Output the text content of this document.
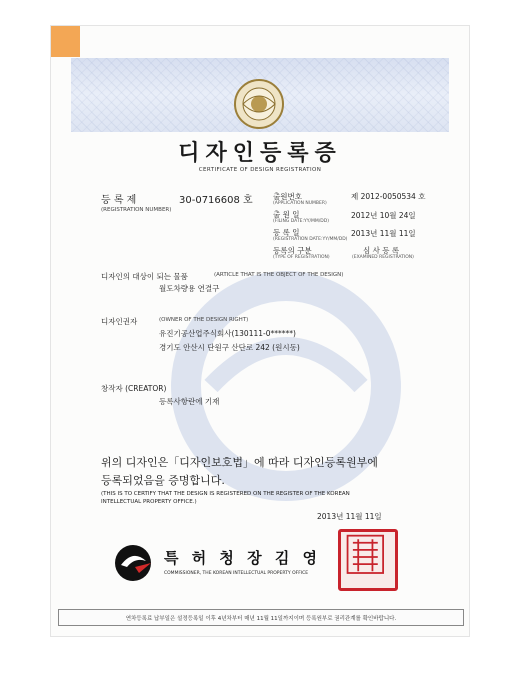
디자인등록증
CERTIFICATE OF DESIGN REGISTRATION
등 록 제	30-0716608 호
(REGISTRATION NUMBER)
출원번호
(APPLICATION NUMBER)
제 2012-0050534 호
출 원 일
(FILING DATE:YY/MM/DD)
2012년 10월 24일
등 록 일
(REGISTRATION DATE:YY/MM/DD)
2013년 11월 11일
등록의 구분
(TYPE OF REGISTRATION)
심 사 등 록
(EXAMINED REGISTRATION)
디자인의 대상이 되는 물품	(ARTICLE THAT IS THE OBJECT OF THE DESIGN)
월도차량용 연결구
디자인권자	(OWNER OF THE DESIGN RIGHT)
유진기공산업주식회사(130111-0******)
경기도 안산시 단원구 산단로 242 (원시동)
창작자 (CREATOR)
등록사항란에 기재
위의 디자인은「디자인보호법」에 따라 디자인등록원부에
등록되었음을 증명합니다.
(THIS IS TO CERTIFY THAT THE DESIGN IS REGISTERED ON THE REGISTER OF THE KOREAN
INTELLECTUAL PROPERTY OFFICE.)
2013년 11월 11일
특 허 청 장 김 영
COMMISSIONER, THE KOREAN INTELLECTUAL PROPERTY OFFICE
연차등록료 납부일은 설정등록일 이후 4년차부터 매년 11월 11일까지이며 등록원부로 권리관계를 확인바랍니다.
